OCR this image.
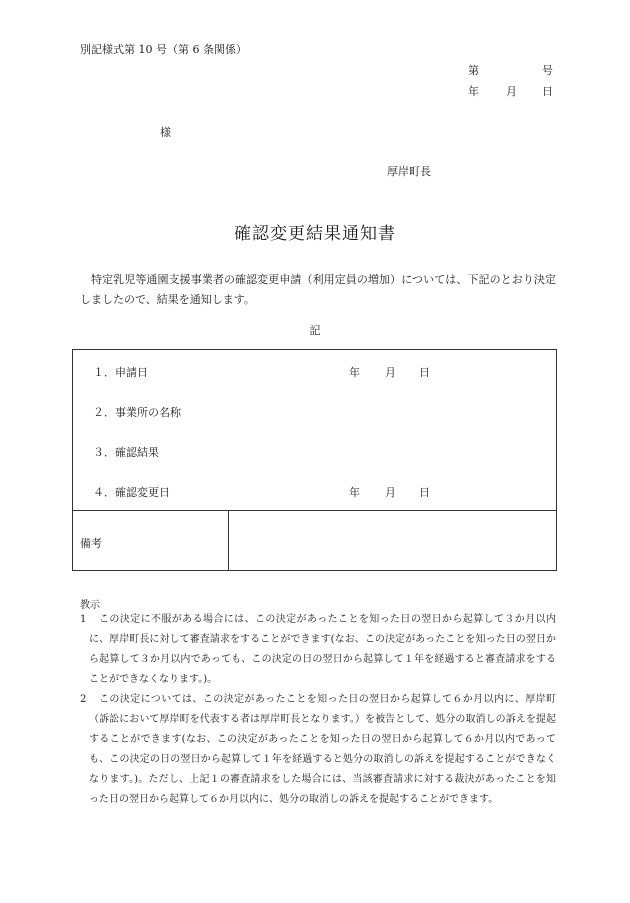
別記様式第 10 号（第 6 条関係）
第	号
年 月 日
様
厚岸町長
確認変更結果通知書
特定乳児等通園支援事業者の確認変更申請（利用定員の増加）については、下記のとおり決定しましたので、結果を通知します。
記
１．申請日	年 月 日
２．事業所の名称
３．確認結果
４．確認変更日	年 月 日
備考
教示
1	この決定に不服がある場合には、この決定があったことを知った日の翌日から起算して３か月以内に、厚岸町長に対して審査請求をすることができます(なお、この決定があったことを知った日の翌日から起算して３か月以内であっても、この決定の日の翌日から起算して１年を経過すると審査請求をすることができなくなります。)。
2	この決定については、この決定があったことを知った日の翌日から起算して６か月以内に、厚岸町（訴訟において厚岸町を代表する者は厚岸町長となります。）を被告として、処分の取消しの訴えを提起することができます(なお、この決定があったことを知った日の翌日から起算して６か月以内であっても、この決定の日の翌日から起算して１年を経過すると処分の取消しの訴えを提起することができなくなります。)。ただし、上記１の審査請求をした場合には、当該審査請求に対する裁決があったことを知った日の翌日から起算して６か月以内に、処分の取消しの訴えを提起することができます。
